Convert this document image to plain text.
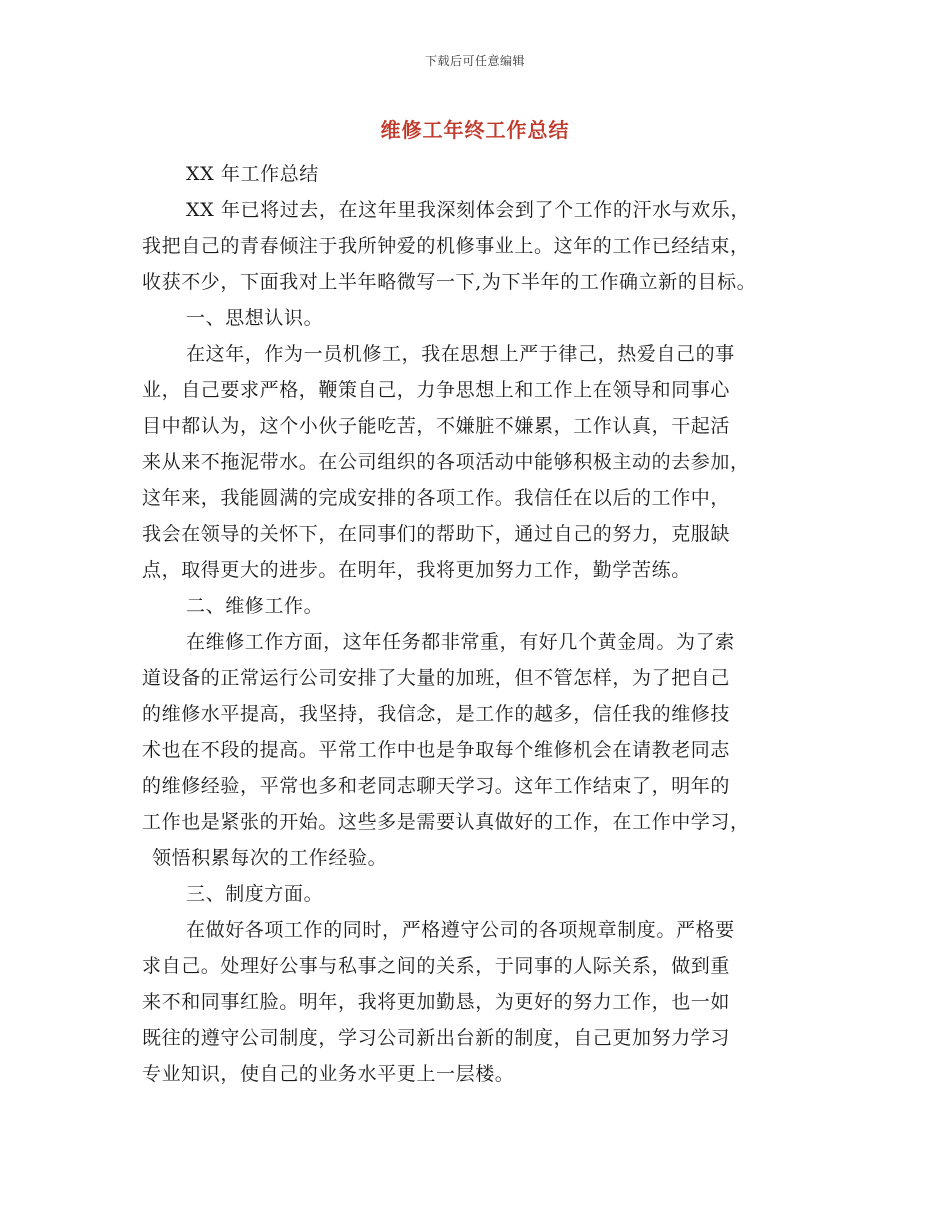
下载后可任意编辑
维修工年终工作总结
XX 年工作总结
XX 年已将过去，在这年里我深刻体会到了个工作的汗水与欢乐，
我把自己的青春倾注于我所钟爱的机修事业上。这年的工作已经结束，
收获不少，下面我对上半年略微写一下,为下半年的工作确立新的目标。
一、思想认识。
在这年，作为一员机修工，我在思想上严于律己，热爱自己的事
业，自己要求严格，鞭策自己，力争思想上和工作上在领导和同事心
目中都认为，这个小伙子能吃苦，不嫌脏不嫌累，工作认真，干起活
来从来不拖泥带水。在公司组织的各项活动中能够积极主动的去参加，
这年来，我能圆满的完成安排的各项工作。我信任在以后的工作中，
我会在领导的关怀下，在同事们的帮助下，通过自己的努力，克服缺
点，取得更大的进步。在明年，我将更加努力工作，勤学苦练。
二、维修工作。
在维修工作方面，这年任务都非常重，有好几个黄金周。为了索
道设备的正常运行公司安排了大量的加班，但不管怎样，为了把自己
的维修水平提高，我坚持，我信念，是工作的越多，信任我的维修技
术也在不段的提高。平常工作中也是争取每个维修机会在请教老同志
的维修经验，平常也多和老同志聊天学习。这年工作结束了，明年的
工作也是紧张的开始。这些多是需要认真做好的工作，在工作中学习，
领悟积累每次的工作经验。
三、制度方面。
在做好各项工作的同时，严格遵守公司的各项规章制度。严格要
求自己。处理好公事与私事之间的关系，于同事的人际关系，做到重
来不和同事红脸。明年，我将更加勤恳，为更好的努力工作，也一如
既往的遵守公司制度，学习公司新出台新的制度，自己更加努力学习
专业知识，使自己的业务水平更上一层楼。
